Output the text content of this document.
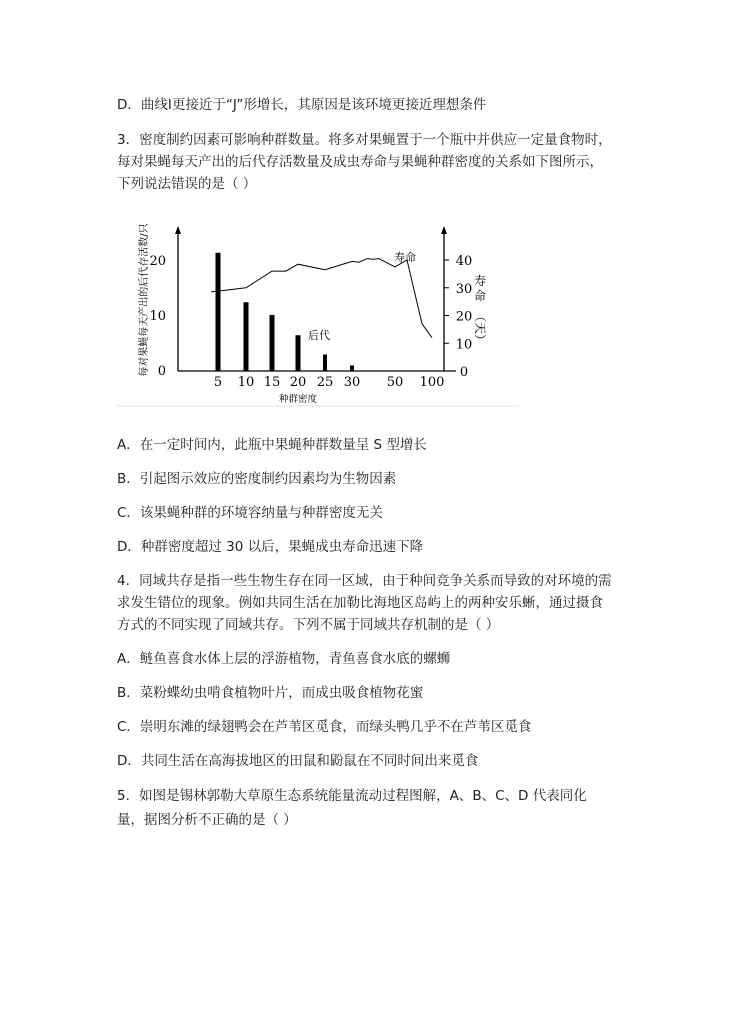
D．曲线Ⅰ更接近于“J”形增长，其原因是该环境更接近理想条件
3．密度制约因素可影响种群数量。将多对果蝇置于一个瓶中并供应一定量食物时，
每对果蝇每天产出的后代存活数量及成虫寿命与果蝇种群密度的关系如下图所示，
下列说法错误的是（ ）
0
10
20
0
10
20
30
40
5 10 15 20 25 30 50 100
种群密度
每对果蝇每天产出的后代存活数/只	寿
命
（天）
后代
寿命
A．在一定时间内，此瓶中果蝇种群数量呈 S 型增长
B．引起图示效应的密度制约因素均为生物因素
C．该果蝇种群的环境容纳量与种群密度无关
D．种群密度超过 30 以后，果蝇成虫寿命迅速下降
4．同域共存是指一些生物生存在同一区域，由于种间竞争关系而导致的对环境的需
求发生错位的现象。例如共同生活在加勒比海地区岛屿上的两种安乐蜥，通过摄食
方式的不同实现了同域共存。下列不属于同域共存机制的是（ ）
A．鲢鱼喜食水体上层的浮游植物，青鱼喜食水底的螺蛳
B．菜粉蝶幼虫啃食植物叶片，而成虫吸食植物花蜜
C．崇明东滩的绿翅鸭会在芦苇区觅食，而绿头鸭几乎不在芦苇区觅食
D．共同生活在高海拔地区的田鼠和鼢鼠在不同时间出来觅食
5．如图是锡林郭勒大草原生态系统能量流动过程图解，A、B、C、D 代表同化
量，据图分析不正确的是（ ）
